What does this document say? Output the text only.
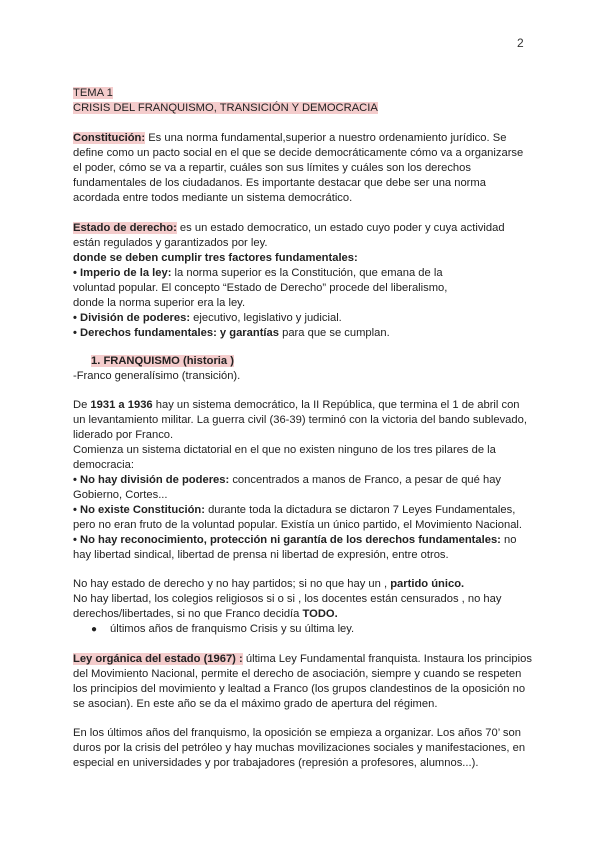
2
TEMA 1
CRISIS DEL FRANQUISMO, TRANSICIÓN Y DEMOCRACIA
Constitución: Es una norma fundamental,superior a nuestro ordenamiento jurídico. Se
define como un pacto social en el que se decide democráticamente cómo va a organizarse
el poder, cómo se va a repartir, cuáles son sus límites y cuáles son los derechos
fundamentales de los ciudadanos. Es importante destacar que debe ser una norma
acordada entre todos mediante un sistema democrático.
Estado de derecho: es un estado democratico, un estado cuyo poder y cuya actividad
están regulados y garantizados por ley.
donde se deben cumplir tres factores fundamentales:
• Imperio de la ley: la norma superior es la Constitución, que emana de la
voluntad popular. El concepto “Estado de Derecho” procede del liberalismo,
donde la norma superior era la ley.
• División de poderes: ejecutivo, legislativo y judicial.
• Derechos fundamentales: y garantías para que se cumplan.
1. FRANQUISMO (historia )
-Franco generalísimo (transición).
De 1931 a 1936 hay un sistema democrático, la II República, que termina el 1 de abril con
un levantamiento militar. La guerra civil (36-39) terminó con la victoria del bando sublevado,
liderado por Franco.
Comienza un sistema dictatorial en el que no existen ninguno de los tres pilares de la
democracia:
• No hay división de poderes: concentrados a manos de Franco, a pesar de qué hay
Gobierno, Cortes...
• No existe Constitución: durante toda la dictadura se dictaron 7 Leyes Fundamentales,
pero no eran fruto de la voluntad popular. Existía un único partido, el Movimiento Nacional.
• No hay reconocimiento, protección ni garantía de los derechos fundamentales: no
hay libertad sindical, libertad de prensa ni libertad de expresión, entre otros.
No hay estado de derecho y no hay partidos; si no que hay un , partido único.
No hay libertad, los colegios religiosos si o si , los docentes están censurados , no hay
derechos/libertades, si no que Franco decidía TODO.
● últimos años de franquismo Crisis y su última ley.
Ley orgánica del estado (1967) : última Ley Fundamental franquista. Instaura los principios
del Movimiento Nacional, permite el derecho de asociación, siempre y cuando se respeten
los principios del movimiento y lealtad a Franco (los grupos clandestinos de la oposición no
se asocian). En este año se da el máximo grado de apertura del régimen.
En los últimos años del franquismo, la oposición se empieza a organizar. Los años 70’ son
duros por la crisis del petróleo y hay muchas movilizaciones sociales y manifestaciones, en
especial en universidades y por trabajadores (represión a profesores, alumnos...).
